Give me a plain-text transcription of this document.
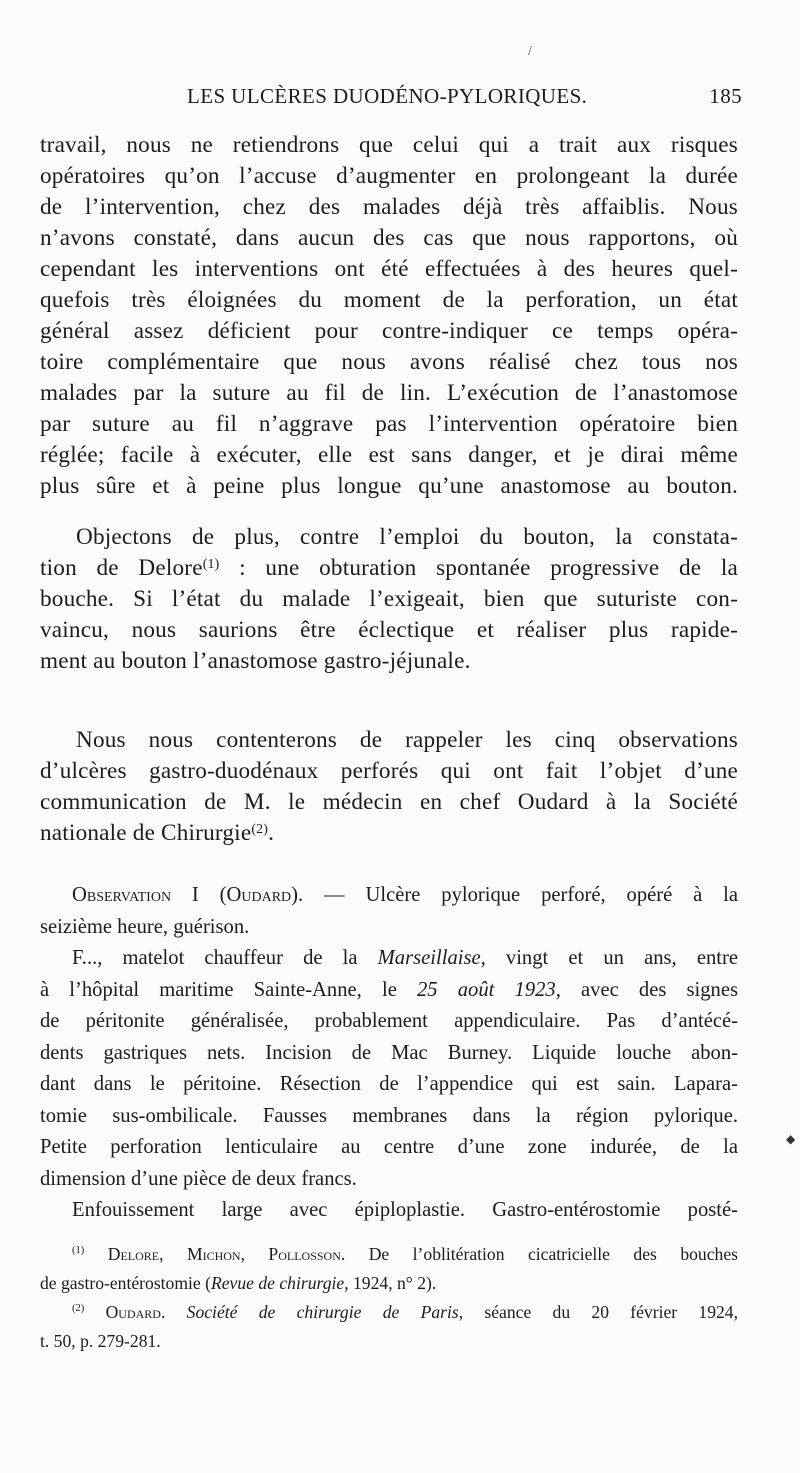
LES ULCÈRES DUODÉNO-PYLORIQUES.	185
travail, nous ne retiendrons que celui qui a trait aux risques
opératoires qu’on l’accuse d’augmenter en prolongeant la durée
de l’intervention, chez des malades déjà très affaiblis. Nous
n’avons constaté, dans aucun des cas que nous rapportons, où
cependant les interventions ont été effectuées à des heures quel-
quefois très éloignées du moment de la perforation, un état
général assez déficient pour contre-indiquer ce temps opéra-
toire complémentaire que nous avons réalisé chez tous nos
malades par la suture au fil de lin. L’exécution de l’anastomose
par suture au fil n’aggrave pas l’intervention opératoire bien
réglée; facile à exécuter, elle est sans danger, et je dirai même
plus sûre et à peine plus longue qu’une anastomose au bouton.
Objectons de plus, contre l’emploi du bouton, la constata-
tion de Delore$^{(1)}$ : une obturation spontanée progressive de la
bouche. Si l’état du malade l’exigeait, bien que suturiste con-
vaincu, nous saurions être éclectique et réaliser plus rapide-
ment au bouton l’anastomose gastro-jéjunale.
Nous nous contenterons de rappeler les cinq observations
d’ulcères gastro-duodénaux perforés qui ont fait l’objet d’une
communication de M. le médecin en chef Oudard à la Société
nationale de Chirurgie$^{(2)}$.
Observation I (Oudard). — Ulcère pylorique perforé, opéré à la
seizième heure, guérison.
F..., matelot chauffeur de la Marseillaise, vingt et un ans, entre
à l’hôpital maritime Sainte-Anne, le 25 août 1923, avec des signes
de péritonite généralisée, probablement appendiculaire. Pas d’antécé-
dents gastriques nets. Incision de Mac Burney. Liquide louche abon-
dant dans le péritoine. Résection de l’appendice qui est sain. Lapara-
tomie sus-ombilicale. Fausses membranes dans la région pylorique.
Petite perforation lenticulaire au centre d’une zone indurée, de la
dimension d’une pièce de deux francs.
Enfouissement large avec épiploplastie. Gastro-entérostomie posté-
$^{(1)}$ Delore, Michon, Pollosson. De l’oblitération cicatricielle des bouches
de gastro-entérostomie (Revue de chirurgie, 1924, n° 2).
$^{(2)}$ Oudard. Société de chirurgie de Paris, séance du 20 février 1924,
t. 50, p. 279-281.
/
◆
